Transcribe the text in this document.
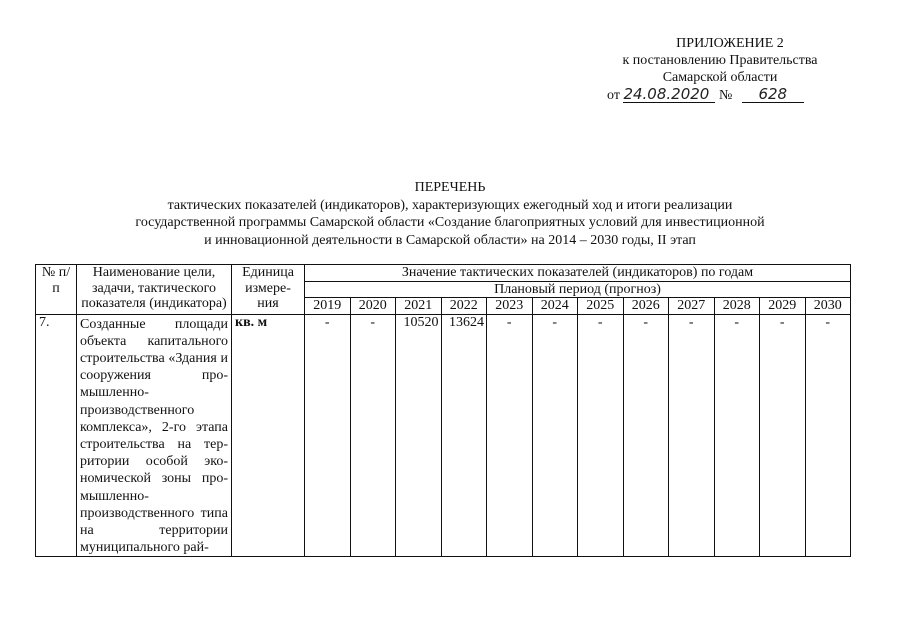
ПРИЛОЖЕНИЕ 2
к постановлению Правительства
Самарской области
от 24.08.2020 № 628
ПЕРЕЧЕНЬ
тактических показателей (индикаторов), характеризующих ежегодный ход и итоги реализации
государственной программы Самарской области «Создание благоприятных условий для инвестиционной
и инновационной деятельности в Самарской области» на 2014 – 2030 годы, II этап
№ п/п	Наименование цели, задачи, тактического показателя (индикатора)	Единица измере-ния	Значение тактических показателей (индикаторов) по годам											
			Плановый период (прогноз)											
			2019	2020	2021	2022	2023	2024	2025	2026	2027	2028	2029	2030
7.	Созданные площади объекта капитального строительства «Здания и сооружения про-мышленно-производственного комплекса», 2-го этапа строительства на тер-ритории особой эко-номической зоны про-мышленно-производственного типа на территории муниципального рай-	кв. м	-	-	10520	13624	-	-	-	-	-	-	-	-
